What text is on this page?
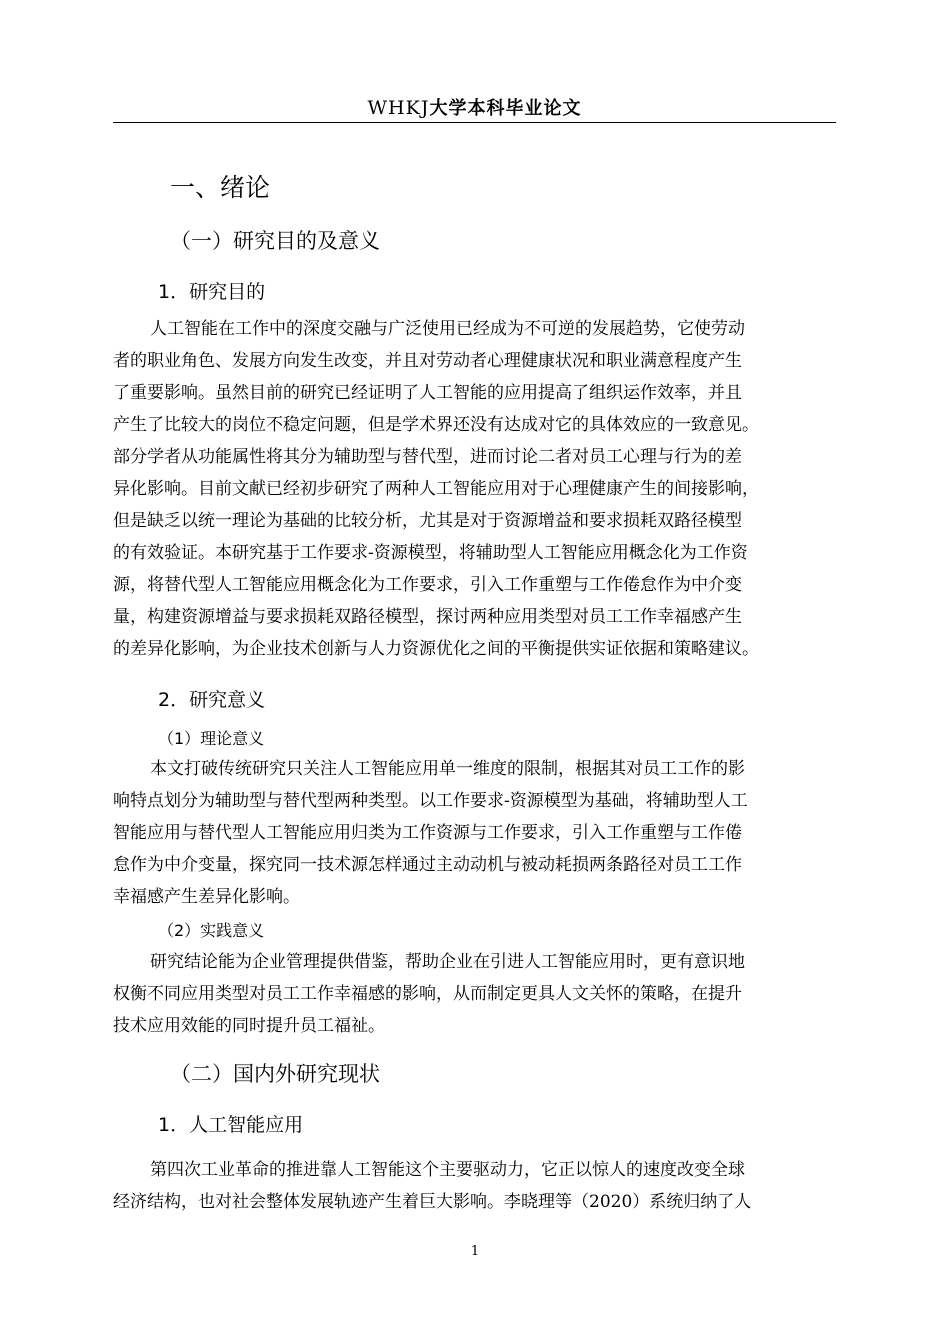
WHKJ大学本科毕业论文
一、绪论
（一）研究目的及意义
1．研究目的
人工智能在工作中的深度交融与广泛使用已经成为不可逆的发展趋势，它使劳动
者的职业角色、发展方向发生改变，并且对劳动者心理健康状况和职业满意程度产生
了重要影响。虽然目前的研究已经证明了人工智能的应用提高了组织运作效率，并且
产生了比较大的岗位不稳定问题，但是学术界还没有达成对它的具体效应的一致意见。
部分学者从功能属性将其分为辅助型与替代型，进而讨论二者对员工心理与行为的差
异化影响。目前文献已经初步研究了两种人工智能应用对于心理健康产生的间接影响，
但是缺乏以统一理论为基础的比较分析，尤其是对于资源增益和要求损耗双路径模型
的有效验证。本研究基于工作要求-资源模型，将辅助型人工智能应用概念化为工作资
源，将替代型人工智能应用概念化为工作要求，引入工作重塑与工作倦怠作为中介变
量，构建资源增益与要求损耗双路径模型，探讨两种应用类型对员工工作幸福感产生
的差异化影响，为企业技术创新与人力资源优化之间的平衡提供实证依据和策略建议。
2．研究意义
（1）理论意义
本文打破传统研究只关注人工智能应用单一维度的限制，根据其对员工工作的影
响特点划分为辅助型与替代型两种类型。以工作要求-资源模型为基础，将辅助型人工
智能应用与替代型人工智能应用归类为工作资源与工作要求，引入工作重塑与工作倦
怠作为中介变量，探究同一技术源怎样通过主动动机与被动耗损两条路径对员工工作
幸福感产生差异化影响。
（2）实践意义
研究结论能为企业管理提供借鉴，帮助企业在引进人工智能应用时，更有意识地
权衡不同应用类型对员工工作幸福感的影响，从而制定更具人文关怀的策略，在提升
技术应用效能的同时提升员工福祉。
（二）国内外研究现状
1．人工智能应用
第四次工业革命的推进靠人工智能这个主要驱动力，它正以惊人的速度改变全球
经济结构，也对社会整体发展轨迹产生着巨大影响。李晓理等（2020）系统归纳了人
1
